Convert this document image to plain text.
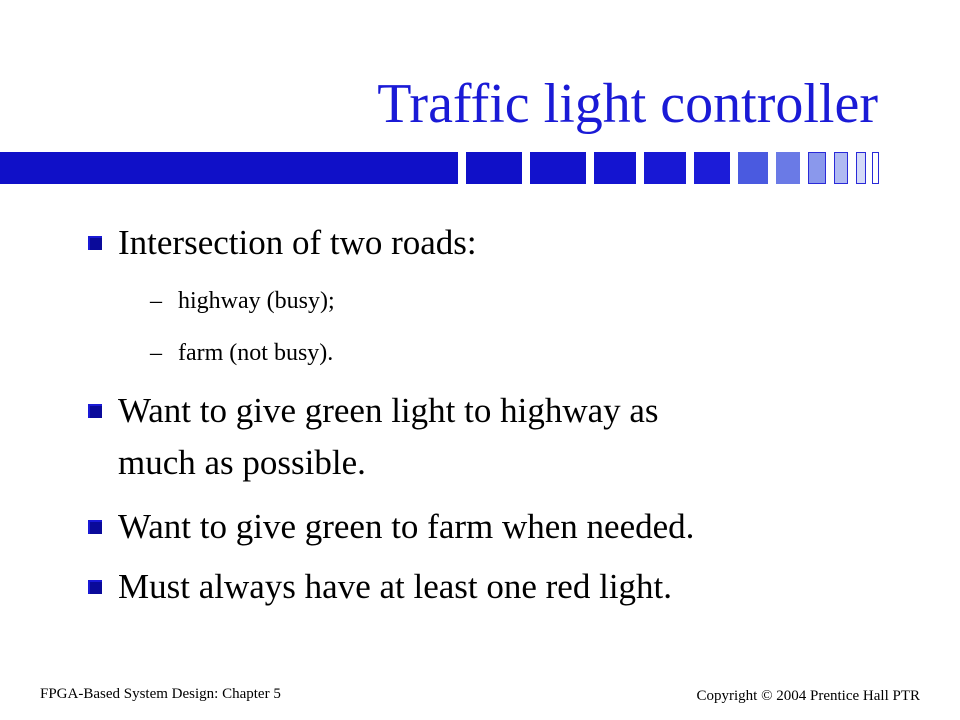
Traffic light controller
Intersection of two roads:
– highway (busy);
– farm (not busy).
Want to give green light to highway as
much as possible.
Want to give green to farm when needed.
Must always have at least one red light.
FPGA-Based System Design: Chapter 5	Copyright © 2004 Prentice Hall PTR
